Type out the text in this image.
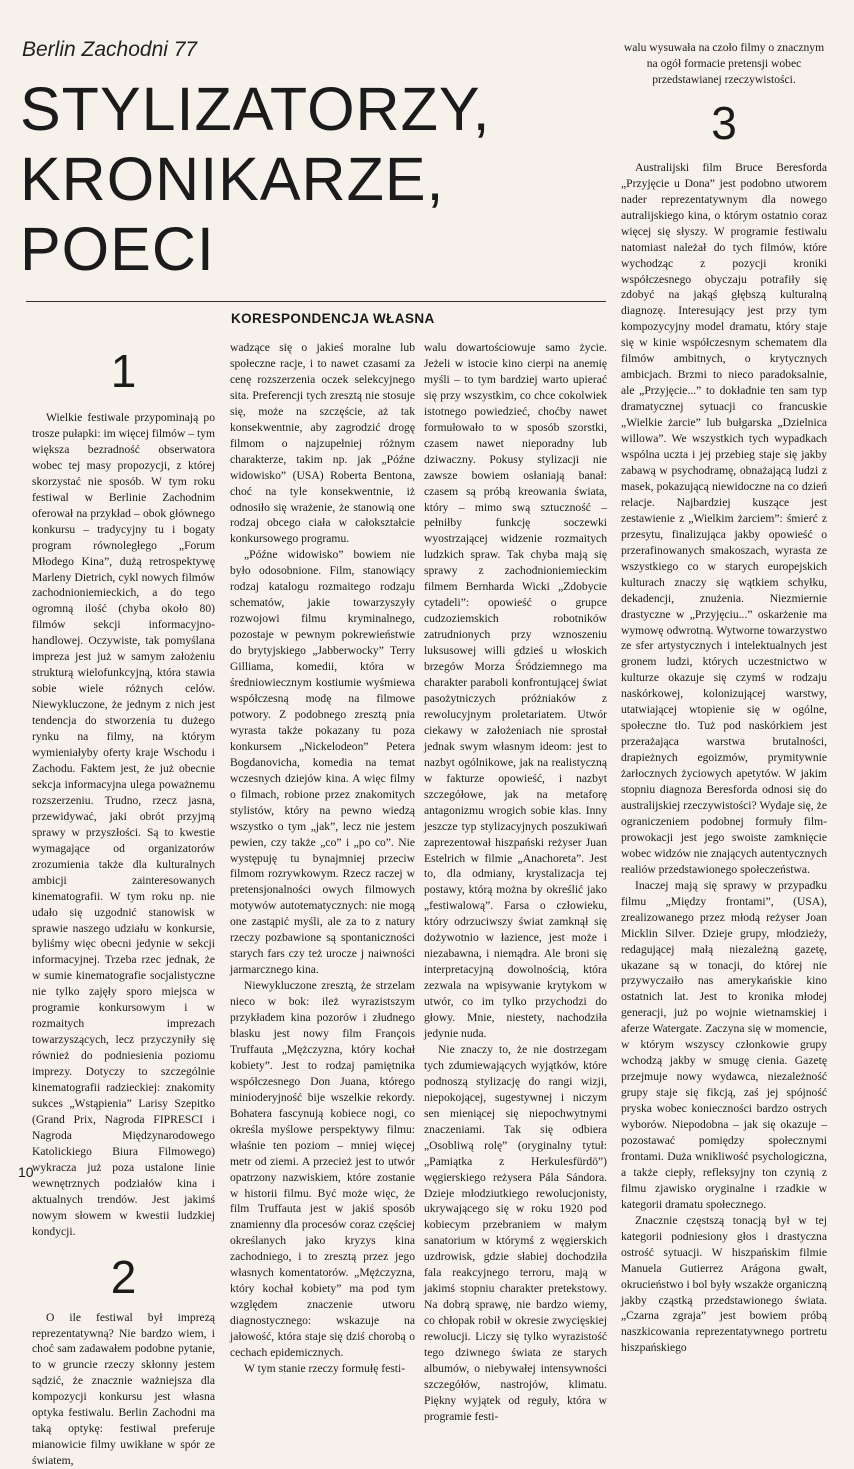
Berlin Zachodni 77
STYLIZATORZY,
KRONIKARZE,
POECI
KORESPONDENCJA WŁASNA
1

Wielkie festiwale przypominają po trosze pułapki: im więcej filmów – tym większa bezradność obserwatora wobec tej masy propozycji, z której skorzystać nie sposób. W tym roku festiwal w Berlinie Zachodnim oferował na przykład – obok głównego konkursu – tradycyjny tu i bogaty program równoległego „Forum Młodego Kina”, dużą retrospektywę Marleny Dietrich, cykl nowych filmów zachodnioniemieckich, a do tego ogromną ilość (chyba około 80) filmów sekcji informacyjno-handlowej. Oczywiste, tak pomyślana impreza jest już w samym założeniu strukturą wielofunkcyjną, która stawia sobie wiele różnych celów. Niewykluczone, że jednym z nich jest tendencja do stworzenia tu dużego rynku na filmy, na którym wymieniałyby oferty kraje Wschodu i Zachodu. Faktem jest, że już obecnie sekcja informacyjna ulega poważnemu rozszerzeniu. Trudno, rzecz jasna, przewidywać, jaki obrót przyjmą sprawy w przyszłości. Są to kwestie wymagające od organizatorów zrozumienia także dla kulturalnych ambicji zainteresowanych kinematografii. W tym roku np. nie udało się uzgodnić stanowisk w sprawie naszego udziału w konkursie, byliśmy więc obecni jedynie w sekcji informacyjnej. Trzeba rzec jednak, że w sumie kinematografie socjalistyczne nie tylko zajęły sporo miejsca w programie konkursowym i w rozmaitych imprezach towarzyszących, lecz przyczyniły się również do podniesienia poziomu imprezy. Dotyczy to szczególnie kinematografii radzieckiej: znakomity sukces „Wstąpienia” Larisy Szepitko (Grand Prix, Nagroda FIPRESCI i Nagroda Międzynarodowego Katolickiego Biura Filmowego) wykracza już poza ustalone linie wewnętrznych podziałów kina i aktualnych trendów. Jest jakimś nowym słowem w kwestii ludzkiej kondycji.

2

O ile festiwal był imprezą reprezentatywną? Nie bardzo wiem, i choć sam zadawałem podobne pytanie, to w gruncie rzeczy skłonny jestem sądzić, że znacznie ważniejsza dla kompozycji konkursu jest własna optyka festiwalu. Berlin Zachodni ma taką optykę: festiwal preferuje mianowicie filmy uwikłane w spór ze światem,

wadzące się o jakieś moralne lub społeczne racje, i to nawet czasami za cenę rozszerzenia oczek selekcyjnego sita. Preferencji tych zresztą nie stosuje się, może na szczęście, aż tak konsekwentnie, aby zagrodzić drogę filmom o najzupełniej różnym charakterze, takim np. jak „Późne widowisko” (USA) Roberta Bentona, choć na tyle konsekwentnie, iż odnosiło się wrażenie, że stanowią one rodzaj obcego ciała w całokształcie konkursowego programu.

„Późne widowisko” bowiem nie było odosobnione. Film, stanowiący rodzaj katalogu rozmaitego rodzaju schematów, jakie towarzyszyły rozwojowi filmu kryminalnego, pozostaje w pewnym pokrewieństwie do brytyjskiego „Jabberwocky” Terry Gilliama, komedii, która w średniowiecznym kostiumie wyśmiewa współczesną modę na filmowe potwory. Z podobnego zresztą pnia wyrasta także pokazany tu poza konkursem „Nickelodeon” Petera Bogdanovicha, komedia na temat wczesnych dziejów kina. A więc filmy o filmach, robione przez znakomitych stylistów, który na pewno wiedzą wszystko o tym „jak”, lecz nie jestem pewien, czy także „co” i „po co”. Nie występuję tu bynajmniej przeciw filmom rozrywkowym. Rzecz raczej w pretensjonalności owych filmowych motywów autotematycznych: nie mogą one zastąpić myśli, ale za to z natury rzeczy pozbawione są spontaniczności starych fars czy też urocze j naiwności jarmarcznego kina.

Niewykluczone zresztą, że strzelam nieco w bok: ileż wyrazistszym przykładem kina pozorów i złudnego blasku jest nowy film François Truffauta „Mężczyzna, który kochał kobiety”. Jest to rodzaj pamiętnika współczesnego Don Juana, którego minioderyjność bije wszelkie rekordy. Bohatera fascynują kobiece nogi, co określa myślowe perspektywy filmu: właśnie ten poziom – mniej więcej metr od ziemi. A przecież jest to utwór opatrzony nazwiskiem, które zostanie w historii filmu. Być może więc, że film Truffauta jest w jakiś sposób znamienny dla procesów coraz częściej określanych jako kryzys kina zachodniego, i to zresztą przez jego własnych komentatorów. „Mężczyzna, który kochał kobiety” ma pod tym względem znaczenie utworu diagnostycznego: wskazuje na jałowość, która staje się dziś chorobą o cechach epidemicznych.

W tym stanie rzeczy formułę festi-

walu dowartościowuje samo życie. Jeżeli w istocie kino cierpi na anemię myśli – to tym bardziej warto upierać się przy wszystkim, co chce cokolwiek istotnego powiedzieć, choćby nawet formułowało to w sposób szorstki, czasem nawet nieporadny lub dziwaczny. Pokusy stylizacji nie zawsze bowiem osłaniają banał: czasem są próbą kreowania świata, który – mimo swą sztuczność – pełniłby funkcję soczewki wyostrzającej widzenie rozmaitych ludzkich spraw. Tak chyba mają się sprawy z zachodnioniemieckim filmem Bernharda Wicki „Zdobycie cytadeli”: opowieść o grupce cudzoziemskich robotników zatrudnionych przy wznoszeniu luksusowej willi gdzieś u włoskich brzegów Morza Śródziemnego ma charakter paraboli konfrontującej świat pasożytniczych próżniaków z rewolucyjnym proletariatem. Utwór ciekawy w założeniach nie sprostał jednak swym własnym ideom: jest to nazbyt ogólnikowe, jak na realistyczną w fakturze opowieść, i nazbyt szczegółowe, jak na metaforę antagonizmu wrogich sobie klas. Inny jeszcze typ stylizacyjnych poszukiwań zaprezentował hiszpański reżyser Juan Estelrich w filmie „Anachoreta”. Jest to, dla odmiany, krystalizacja tej postawy, którą można by określić jako „festiwalową”. Farsa o człowieku, który odrzuciwszy świat zamknął się dożywotnio w łazience, jest może i niezabawna, i niemądra. Ale broni się interpretacyjną dowolnością, która zezwala na wpisywanie krytykom w utwór, co im tylko przychodzi do głowy. Mnie, niestety, nachodziła jedynie nuda.

Nie znaczy to, że nie dostrzegam tych zdumiewających wyjątków, które podnoszą stylizację do rangi wizji, niepokojącej, sugestywnej i niczym sen mieniącej się niepochwytnymi znaczeniami. Tak się odbiera „Osobliwą rolę” (oryginalny tytuł: „Pamiątka z Herkulesfürdö”) węgierskiego reżysera Pála Sándora. Dzieje młodziutkiego rewolucjonisty, ukrywającego się w roku 1920 pod kobiecym przebraniem w małym sanatorium w którymś z węgierskich uzdrowisk, gdzie słabiej dochodziła fala reakcyjnego terroru, mają w jakimś stopniu charakter pretekstowy. Na dobrą sprawę, nie bardzo wiemy, co chłopak robił w okresie zwycięskiej rewolucji. Liczy się tylko wyrazistość tego dziwnego świata ze starych albumów, o niebywałej intensywności szczegółów, nastrojów, klimatu. Piękny wyjątek od reguły, która w programie festi-

walu wysuwała na czoło filmy o znacznym na ogół formacie pretensji wobec przedstawianej rzeczywistości.

3

Australijski film Bruce Beresforda „Przyjęcie u Dona” jest podobno utworem nader reprezentatywnym dla nowego autralijskiego kina, o którym ostatnio coraz więcej się słyszy. W programie festiwalu natomiast należał do tych filmów, które wychodząc z pozycji kroniki współczesnego obyczaju potrafiły się zdobyć na jakąś głębszą kulturalną diagnozę. Interesujący jest przy tym kompozycyjny model dramatu, który staje się w kinie współczesnym schematem dla filmów ambitnych, o krytycznych ambicjach. Brzmi to nieco paradoksalnie, ale „Przyjęcie...” to dokładnie ten sam typ dramatycznej sytuacji co francuskie „Wielkie żarcie” lub bułgarska „Dzielnica willowa”. We wszystkich tych wypadkach wspólna uczta i jej przebieg staje się jakby zabawą w psychodramę, obnażającą ludzi z masek, pokazującą niewidoczne na co dzień relacje. Najbardziej kuszące jest zestawienie z „Wielkim żarciem”: śmierć z przesytu, finalizująca jakby opowieść o przerafinowanych smakoszach, wyrasta ze wszystkiego co w starych europejskich kulturach znaczy się wątkiem schyłku, dekadencji, znużenia. Niezmiernie drastyczne w „Przyjęciu...” oskarżenie ma wymowę odwrotną. Wytworne towarzystwo ze sfer artystycznych i intelektualnych jest gronem ludzi, których uczestnictwo w kulturze okazuje się czymś w rodzaju naskórkowej, kolonizującej warstwy, utatwiającej wtopienie się w ogólne, społeczne tło. Tuż pod naskórkiem jest przerażająca warstwa brutalności, drapieżnych egoizmów, prymitywnie żarłocznych życiowych apetytów. W jakim stopniu diagnoza Beresforda odnosi się do australijskiej rzeczywistości? Wydaje się, że ograniczeniem podobnej formuły film-prowokacji jest jego swoiste zamknięcie wobec widzów nie znających autentycznych realiów przedstawionego społeczeństwa.

Inaczej mają się sprawy w przypadku filmu „Między frontami”, (USA), zrealizowanego przez młodą reżyser Joan Micklin Silver. Dzieje grupy, młodzieży, redagującej małą niezależną gazetę, ukazane są w tonacji, do której nie przywyczaiło nas amerykańskie kino ostatnich lat. Jest to kronika młodej generacji, już po wojnie wietnamskiej i aferze Watergate. Zaczyna się w momencie, w którym wszyscy członkowie grupy wchodzą jakby w smugę cienia. Gazetę przejmuje nowy wydawca, niezależność grupy staje się fikcją, zaś jej spójność pryska wobec konieczności bardzo ostrych wyborów. Niepodobna – jak się okazuje – pozostawać pomiędzy społecznymi frontami. Duża wnikliwość psychologiczna, a także ciepły, refleksyjny ton czynią z filmu zjawisko oryginalne i rzadkie w kategorii dramatu społecznego.

Znacznie częstszą tonacją był w tej kategorii podniesiony głos i drastyczna ostrość sytuacji. W hiszpańskim filmie Manuela Gutierrez Arágona gwałt, okrucieństwo i bol były wszakże organiczną jakby cząstką przedstawionego świata. „Czarna zgraja” jest bowiem próbą naszkicowania reprezentatywnego portretu hiszpańskiego

10
